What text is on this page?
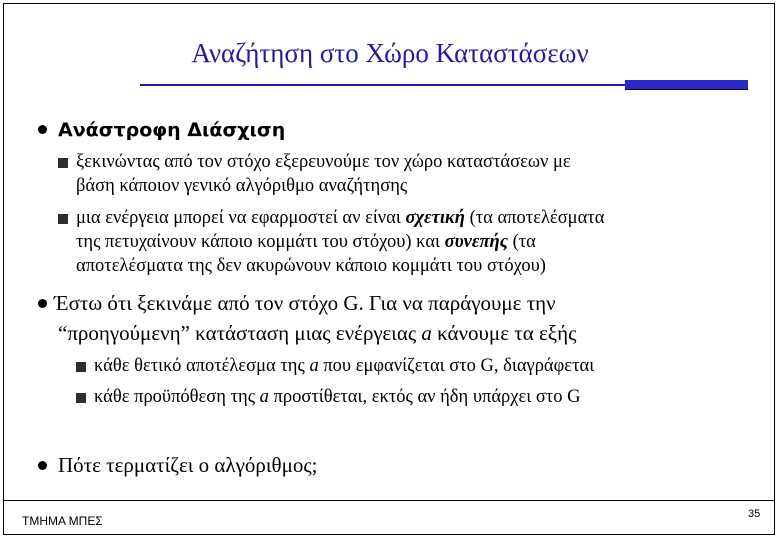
Αναζήτηση στο Χώρο Καταστάσεων
Ανάστροφη Διάσχιση
ξεκινώντας από τον στόχο εξερευνούμε τον χώρο καταστάσεων με
βάση κάποιον γενικό αλγόριθμο αναζήτησης
μια ενέργεια μπορεί να εφαρμοστεί αν είναι σχετική (τα αποτελέσματα
της πετυχαίνουν κάποιο κομμάτι του στόχου) και συνεπής (τα
αποτελέσματα της δεν ακυρώνουν κάποιο κομμάτι του στόχου)
Έστω ότι ξεκινάμε από τον στόχο G. Για να παράγουμε την
“προηγούμενη” κατάσταση μιας ενέργειας a κάνουμε τα εξής
κάθε θετικό αποτέλεσμα της a που εμφανίζεται στο G, διαγράφεται
κάθε προϋπόθεση της a προστίθεται, εκτός αν ήδη υπάρχει στο G
Πότε τερματίζει ο αλγόριθμος;
ΤΜΗΜΑ ΜΠΕΣ	35
